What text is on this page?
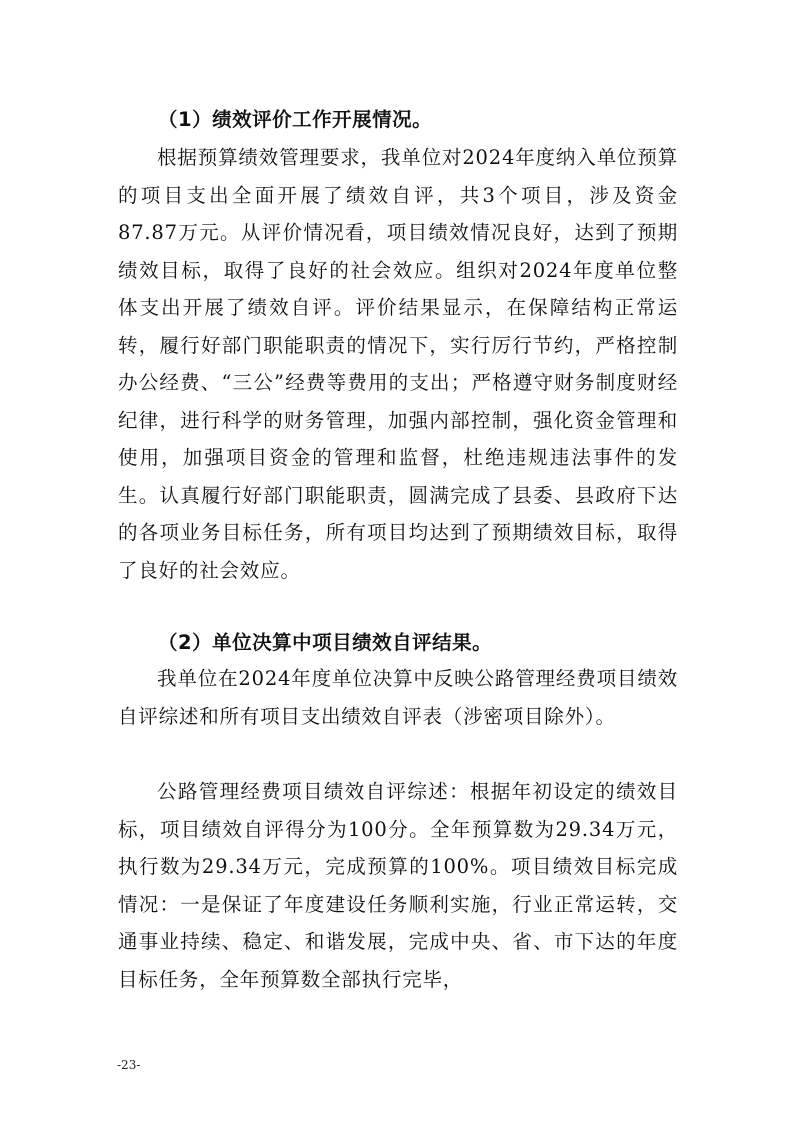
（1）绩效评价工作开展情况。

根据预算绩效管理要求，我单位对2024年度纳入单位预算的项目支出全面开展了绩效自评，共3个项目，涉及资金87.87万元。从评价情况看，项目绩效情况良好，达到了预期绩效目标，取得了良好的社会效应。组织对2024年度单位整体支出开展了绩效自评。评价结果显示，在保障结构正常运转，履行好部门职能职责的情况下，实行厉行节约，严格控制办公经费、“三公”经费等费用的支出；严格遵守财务制度财经纪律，进行科学的财务管理，加强内部控制，强化资金管理和使用，加强项目资金的管理和监督，杜绝违规违法事件的发生。认真履行好部门职能职责，圆满完成了县委、县政府下达的各项业务目标任务，所有项目均达到了预期绩效目标，取得了良好的社会效应。

（2）单位决算中项目绩效自评结果。

我单位在2024年度单位决算中反映公路管理经费项目绩效自评综述和所有项目支出绩效自评表（涉密项目除外）。

公路管理经费项目绩效自评综述：根据年初设定的绩效目标，项目绩效自评得分为100分。全年预算数为29.34万元，执行数为29.34万元，完成预算的100%。项目绩效目标完成情况：一是保证了年度建设任务顺利实施，行业正常运转，交通事业持续、稳定、和谐发展，完成中央、省、市下达的年度目标任务，全年预算数全部执行完毕，

-23-
